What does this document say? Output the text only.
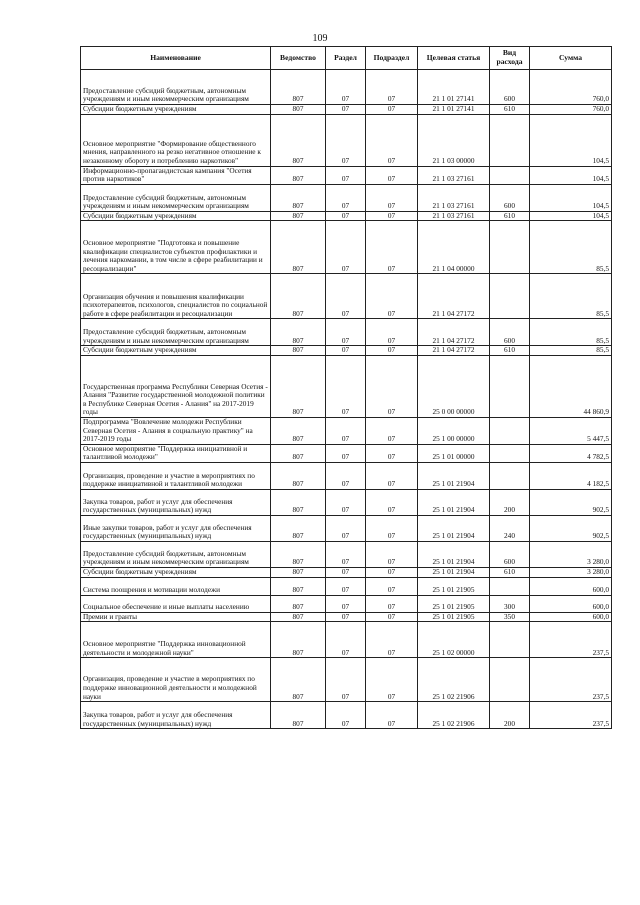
109
Наименование	Ведомство	Раздел	Подраздел	Целевая статья	Вид расхода	Сумма
Предоставление субсидий бюджетным, автономным учреждениям и иным некоммерческим организациям	807	07	07	21 1 01 27141	600	760,0
Субсидии бюджетным учреждениям	807	07	07	21 1 01 27141	610	760,0
Основное мероприятие "Формирование общественного мнения, направленного на резко негативное отношение к незаконному обороту и потреблению наркотиков"	807	07	07	21 1 03 00000		104,5
Информационно-пропагандистская кампания "Осетия против наркотиков"	807	07	07	21 1 03 27161		104,5
Предоставление субсидий бюджетным, автономным учреждениям и иным некоммерческим организациям	807	07	07	21 1 03 27161	600	104,5
Субсидии бюджетным учреждениям	807	07	07	21 1 03 27161	610	104,5
Основное мероприятие "Подготовка и повышение квалификации специалистов субъектов профилактики и лечения наркомании, в том числе в сфере реабилитации и ресоциализации"	807	07	07	21 1 04 00000		85,5
Организация обучения и повышения квалификации психотерапевтов, психологов, специалистов по социальной работе в сфере реабилитации и ресоциализации	807	07	07	21 1 04 27172		85,5
Предоставление субсидий бюджетным, автономным учреждениям и иным некоммерческим организациям	807	07	07	21 1 04 27172	600	85,5
Субсидии бюджетным учреждениям	807	07	07	21 1 04 27172	610	85,5
Государственная программа Республики Северная Осетия - Алания "Развитие государственной молодежной политики в Республике Северная Осетия - Алания" на 2017-2019 годы	807	07	07	25 0 00 00000		44 860,9
Подпрограмма "Вовлечение молодежи Республики Северная Осетия - Алания в социальную практику" на 2017-2019 годы	807	07	07	25 1 00 00000		5 447,5
Основное мероприятие "Поддержка инициативной и талантливой молодежи"	807	07	07	25 1 01 00000		4 782,5
Организация, проведение и участие в мероприятиях по поддержке инициативной и талантливой молодежи	807	07	07	25 1 01 21904		4 182,5
Закупка товаров, работ и услуг для обеспечения государственных (муниципальных) нужд	807	07	07	25 1 01 21904	200	902,5
Иные закупки товаров, работ и услуг для обеспечения государственных (муниципальных) нужд	807	07	07	25 1 01 21904	240	902,5
Предоставление субсидий бюджетным, автономным учреждениям и иным некоммерческим организациям	807	07	07	25 1 01 21904	600	3 280,0
Субсидии бюджетным учреждениям	807	07	07	25 1 01 21904	610	3 280,0
Система поощрения и мотивации молодежи	807	07	07	25 1 01 21905		600,0
Социальное обеспечение и иные выплаты населению	807	07	07	25 1 01 21905	300	600,0
Премии и гранты	807	07	07	25 1 01 21905	350	600,0
Основное мероприятие "Поддержка инновационной деятельности и молодежной науки"	807	07	07	25 1 02 00000		237,5
Организация, проведение и участие в мероприятиях по поддержке инновационной деятельности и молодежной науки	807	07	07	25 1 02 21906		237,5
Закупка товаров, работ и услуг для обеспечения государственных (муниципальных) нужд	807	07	07	25 1 02 21906	200	237,5
